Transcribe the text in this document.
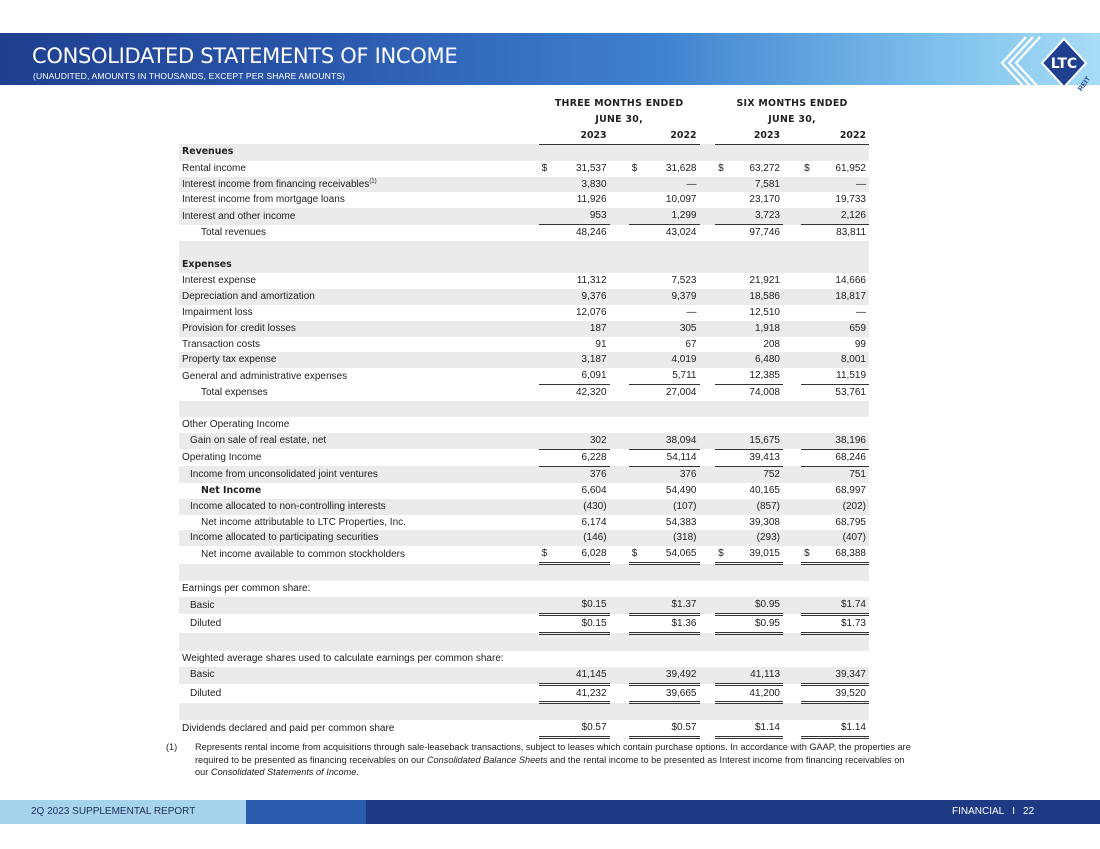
CONSOLIDATED STATEMENTS OF INCOME
(UNAUDITED, AMOUNTS IN THOUSANDS, EXCEPT PER SHARE AMOUNTS)
LTC
REIT
	THREE MONTHS ENDED				SIX MONTHS ENDED		
	JUNE 30,				JUNE 30,		
	2023		2022		2023		2022
Revenues							
Rental income	$ 31,537		$ 31,628		$ 63,272		$ 61,952
Interest income from financing receivables$^{(1)}$	3,830		—		7,581		—
Interest income from mortgage loans	11,926		10,097		23,170		19,733
Interest and other income	953		1,299		3,723		2,126
Total revenues	48,246		43,024		97,746		83,811

Expenses							
Interest expense	11,312		7,523		21,921		14,666
Depreciation and amortization	9,376		9,379		18,586		18,817
Impairment loss	12,076		—		12,510		—
Provision for credit losses	187		305		1,918		659
Transaction costs	91		67		208		99
Property tax expense	3,187		4,019		6,480		8,001
General and administrative expenses	6,091		5,711		12,385		11,519
Total expenses	42,320		27,004		74,008		53,761

Other Operating Income							
Gain on sale of real estate, net	302		38,094		15,675		38,196
Operating Income	6,228		54,114		39,413		68,246
Income from unconsolidated joint ventures	376		376		752		751
Net Income	6,604		54,490		40,165		68,997
Income allocated to non-controlling interests	(430)		(107)		(857)		(202)
Net income attributable to LTC Properties, Inc.	6,174		54,383		39,308		68,795
Income allocated to participating securities	(146)		(318)		(293)		(407)
Net income available to common stockholders	$ 6,028		$ 54,065		$ 39,015		$ 68,388

Earnings per common share:							
Basic	$0.15		$1.37		$0.95		$1.74
Diluted	$0.15		$1.36		$0.95		$1.73

Weighted average shares used to calculate earnings per common share:							
Basic	41,145		39,492		41,113		39,347
Diluted	41,232		39,665		41,200		39,520

Dividends declared and paid per common share	$0.57		$0.57		$1.14		$1.14
(1) Represents rental income from acquisitions through sale-leaseback transactions, subject to leases which contain purchase options. In accordance with GAAP, the properties are required to be presented as financing receivables on our Consolidated Balance Sheets and the rental income to be presented as Interest income from financing receivables on our Consolidated Statements of Income.
2Q 2023 SUPPLEMENTAL REPORT	FINANCIAL I 22
